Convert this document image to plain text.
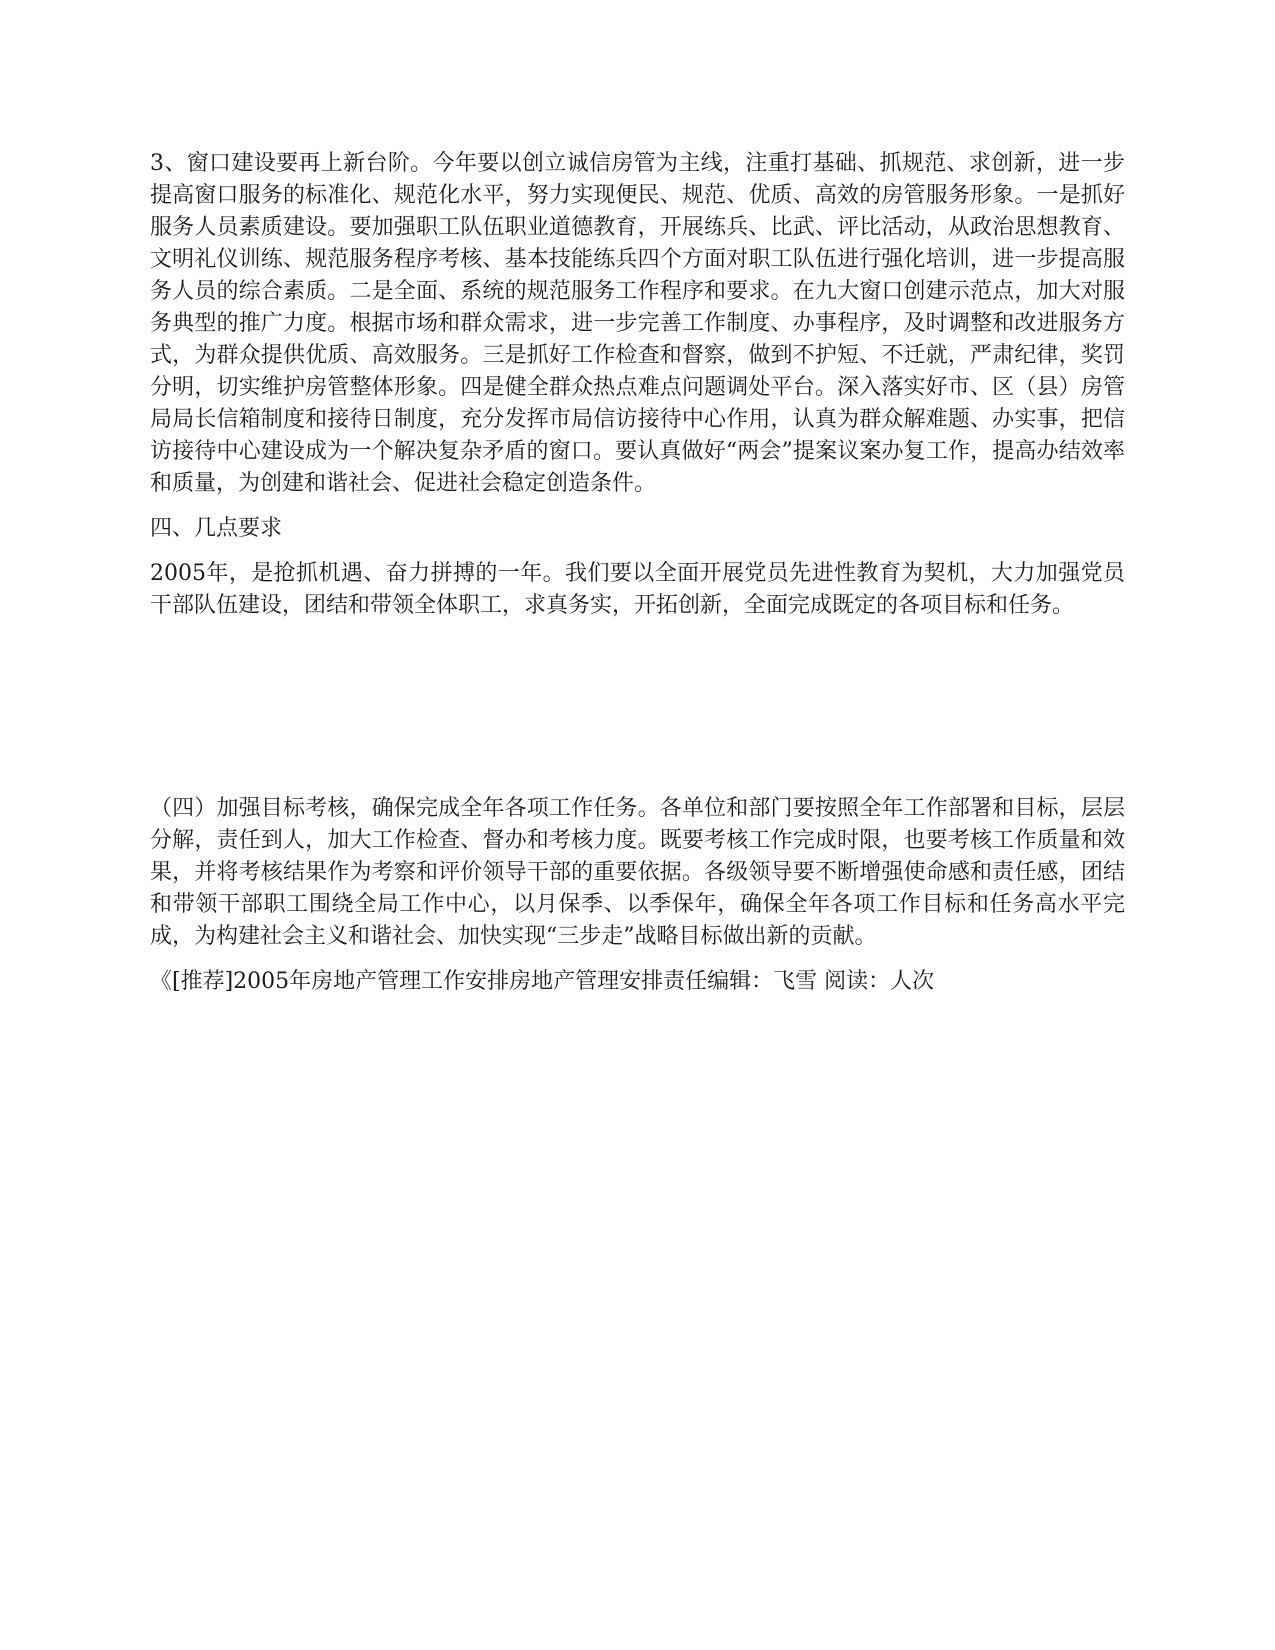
3、窗口建设要再上新台阶。今年要以创立诚信房管为主线，注重打基础、抓规范、求创新，进一步提高窗口服务的标准化、规范化水平，努力实现便民、规范、优质、高效的房管服务形象。一是抓好服务人员素质建设。要加强职工队伍职业道德教育，开展练兵、比武、评比活动，从政治思想教育、文明礼仪训练、规范服务程序考核、基本技能练兵四个方面对职工队伍进行强化培训，进一步提高服务人员的综合素质。二是全面、系统的规范服务工作程序和要求。在九大窗口创建示范点，加大对服务典型的推广力度。根据市场和群众需求，进一步完善工作制度、办事程序，及时调整和改进服务方式，为群众提供优质、高效服务。三是抓好工作检查和督察，做到不护短、不迁就，严肃纪律，奖罚分明，切实维护房管整体形象。四是健全群众热点难点问题调处平台。深入落实好市、区（县）房管局局长信箱制度和接待日制度，充分发挥市局信访接待中心作用，认真为群众解难题、办实事，把信访接待中心建设成为一个解决复杂矛盾的窗口。要认真做好“两会”提案议案办复工作，提高办结效率和质量，为创建和谐社会、促进社会稳定创造条件。

四、几点要求

2005年，是抢抓机遇、奋力拼搏的一年。我们要以全面开展党员先进性教育为契机，大力加强党员干部队伍建设，团结和带领全体职工，求真务实，开拓创新，全面完成既定的各项目标和任务。

（四）加强目标考核，确保完成全年各项工作任务。各单位和部门要按照全年工作部署和目标，层层分解，责任到人，加大工作检查、督办和考核力度。既要考核工作完成时限，也要考核工作质量和效果，并将考核结果作为考察和评价领导干部的重要依据。各级领导要不断增强使命感和责任感，团结和带领干部职工围绕全局工作中心，以月保季、以季保年，确保全年各项工作目标和任务高水平完成，为构建社会主义和谐社会、加快实现“三步走”战略目标做出新的贡献。

《[推荐]2005年房地产管理工作安排房地产管理安排责任编辑：飞雪 阅读：人次
